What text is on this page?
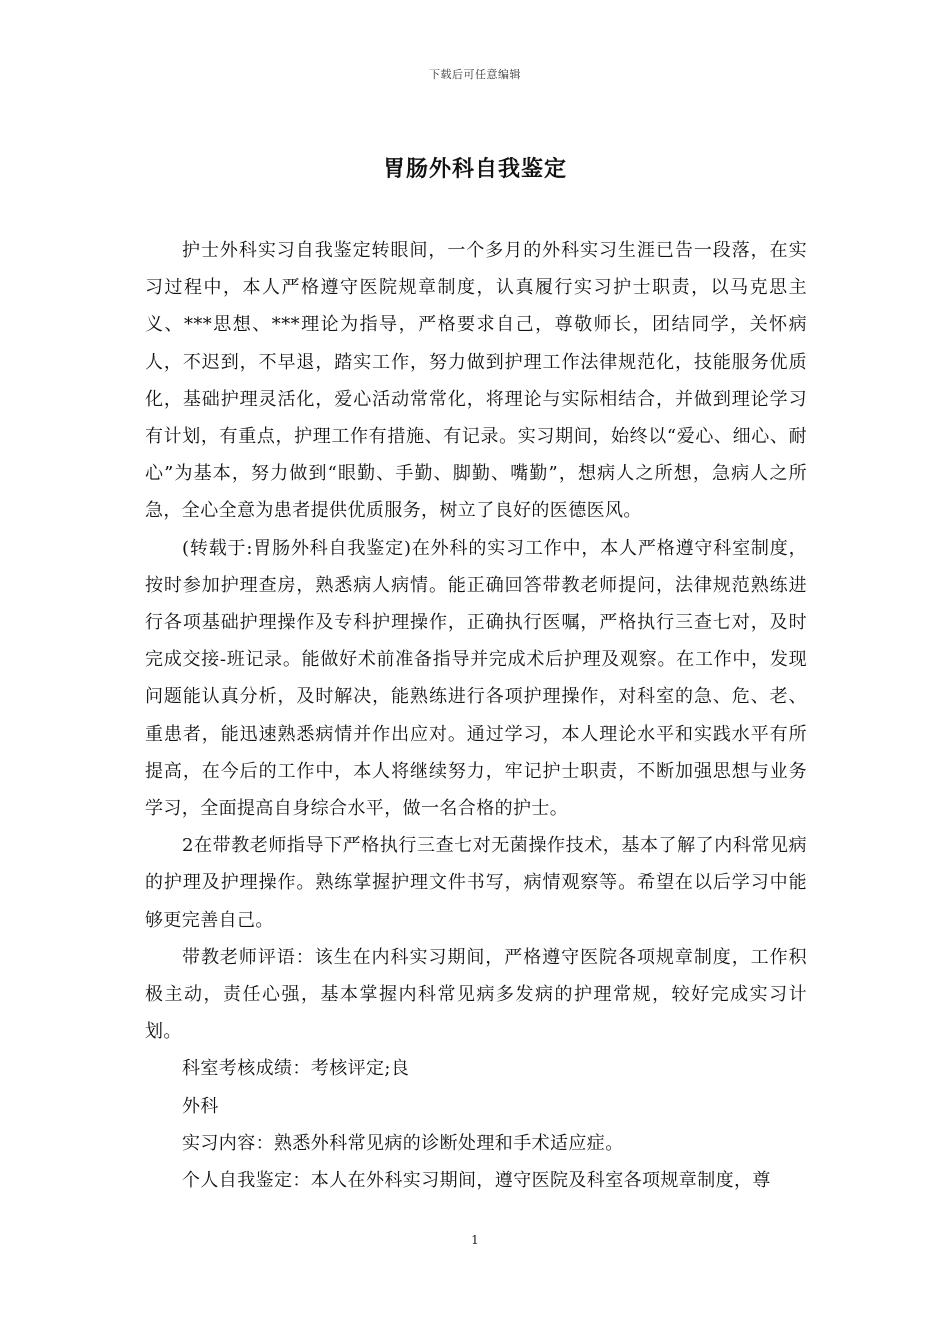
下载后可任意编辑
胃肠外科自我鉴定

护士外科实习自我鉴定转眼间，一个多月的外科实习生涯已告一段落，在实习过程中，本人严格遵守医院规章制度，认真履行实习护士职责，以马克思主义、***思想、***理论为指导，严格要求自己，尊敬师长，团结同学，关怀病人，不迟到，不早退，踏实工作，努力做到护理工作法律规范化，技能服务优质化，基础护理灵活化，爱心活动常常化，将理论与实际相结合，并做到理论学习有计划，有重点，护理工作有措施、有记录。实习期间，始终以“爱心、细心、耐心”为基本，努力做到“眼勤、手勤、脚勤、嘴勤”，想病人之所想，急病人之所急，全心全意为患者提供优质服务，树立了良好的医德医风。

(转载于:胃肠外科自我鉴定)在外科的实习工作中，本人严格遵守科室制度，按时参加护理查房，熟悉病人病情。能正确回答带教老师提问，法律规范熟练进行各项基础护理操作及专科护理操作，正确执行医嘱，严格执行三查七对，及时完成交接-班记录。能做好术前准备指导并完成术后护理及观察。在工作中，发现问题能认真分析，及时解决，能熟练进行各项护理操作，对科室的急、危、老、重患者，能迅速熟悉病情并作出应对。通过学习，本人理论水平和实践水平有所提高，在今后的工作中，本人将继续努力，牢记护士职责，不断加强思想与业务学习，全面提高自身综合水平，做一名合格的护士。

2在带教老师指导下严格执行三查七对无菌操作技术，基本了解了内科常见病的护理及护理操作。熟练掌握护理文件书写，病情观察等。希望在以后学习中能够更完善自己。

带教老师评语：该生在内科实习期间，严格遵守医院各项规章制度，工作积极主动，责任心强，基本掌握内科常见病多发病的护理常规，较好完成实习计划。

科室考核成绩：考核评定;良

外科

实习内容：熟悉外科常见病的诊断处理和手术适应症。

个人自我鉴定：本人在外科实习期间，遵守医院及科室各项规章制度，尊

1
